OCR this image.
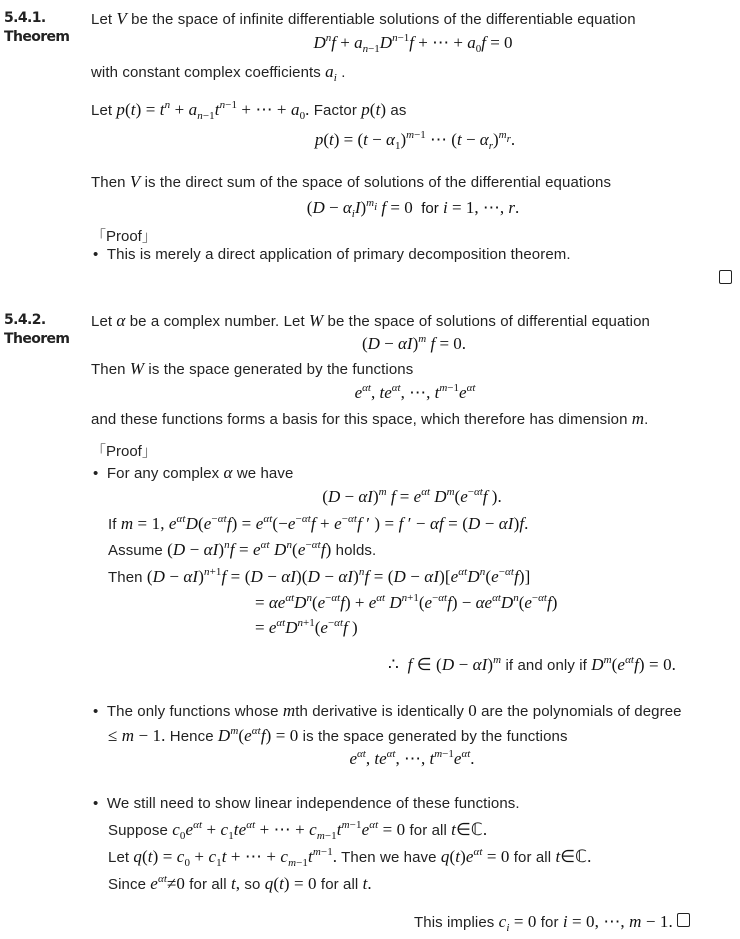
5.4.1.
Theorem
Let V be the space of infinite differentiable solutions of the differentiable equation
$D^nf + a_{n-1}D^{n-1}f$ + ⋯ + $a_0f = 0$
with constant complex coefficients $a_i$ .
Let $p(t) = t^n + a_{n-1}t^{n-1}$ + ⋯ + $a_0$. Factor p(t) as
$p(t) = (t - \alpha_1)^{m-1}$ ⋯ $(t - \alpha_r)^{m_r}$.
Then V is the direct sum of the space of solutions of the differential equations
$(D - \alpha_iI)^{m_i}$ f = 0  for i = 1, ⋯, r.
「Proof」
•  This is merely a direct application of primary decomposition theorem.
5.4.2.
Theorem
Let α be a complex number. Let W be the space of solutions of differential equation
$(D - \alpha I)^m$ f = 0.
Then W is the space generated by the functions
$e^{\alpha t}$, $te^{\alpha t}$, ⋯, $t^{m-1}e^{\alpha t}$
and these functions forms a basis for this space, which therefore has dimension m.
「Proof」
•  For any complex α we have
$(D - \alpha I)^m$ $f = e^{\alpha t}$ $D^m(e^{-\alpha t}f$ ).
If m = 1, $e^{\alpha t}D(e^{-\alpha t}f) = e^{\alpha t}(-e^{-\alpha t}f + e^{-\alpha t}f$ ′ ) = f ′ − αf = (D − αI)f.
Assume $(D - \alpha I)^nf = e^{\alpha t}$ $D^n(e^{-\alpha t}f)$ holds.
Then $(D - \alpha I)^{n+1}f = (D - \alpha I)(D - \alpha I)^nf = (D - \alpha I)[e^{\alpha t}D^n(e^{-\alpha t}f)]$
= $\alpha e^{\alpha t}D^n(e^{-\alpha t}f) + e^{\alpha t}$ $D^{n+1}(e^{-\alpha t}f) - \alpha e^{\alpha t}D^n(e^{-\alpha t}f)$
= $e^{\alpha t}D^{n+1}(e^{-\alpha t}f$ )
∴  f ∈ $(D - \alpha I)^m$ if and only if $D^m(e^{\alpha t}f) = 0$.
•  The only functions whose mth derivative is identically 0 are the polynomials of degree
≤ m − 1. Hence $D^m(e^{\alpha t}f) = 0$ is the space generated by the functions
$e^{\alpha t}$, $te^{\alpha t}$, ⋯, $t^{m-1}e^{\alpha t}$.
•  We still need to show linear independence of these functions.
Suppose $c_0e^{\alpha t} + c_1te^{\alpha t}$ + ⋯ + $c_{m-1}t^{m-1}e^{\alpha t} = 0$ for all t∈ℂ.
Let $q(t) = c_0 + c_1t$ + ⋯ + $c_{m-1}t^{m-1}$. Then we have $q(t)e^{\alpha t} = 0$ for all t∈ℂ.
Since $e^{\alpha t}\ne 0$ for all t, so q(t) = 0 for all t.
This implies $c_i = 0$ for i = 0, ⋯, m − 1.
